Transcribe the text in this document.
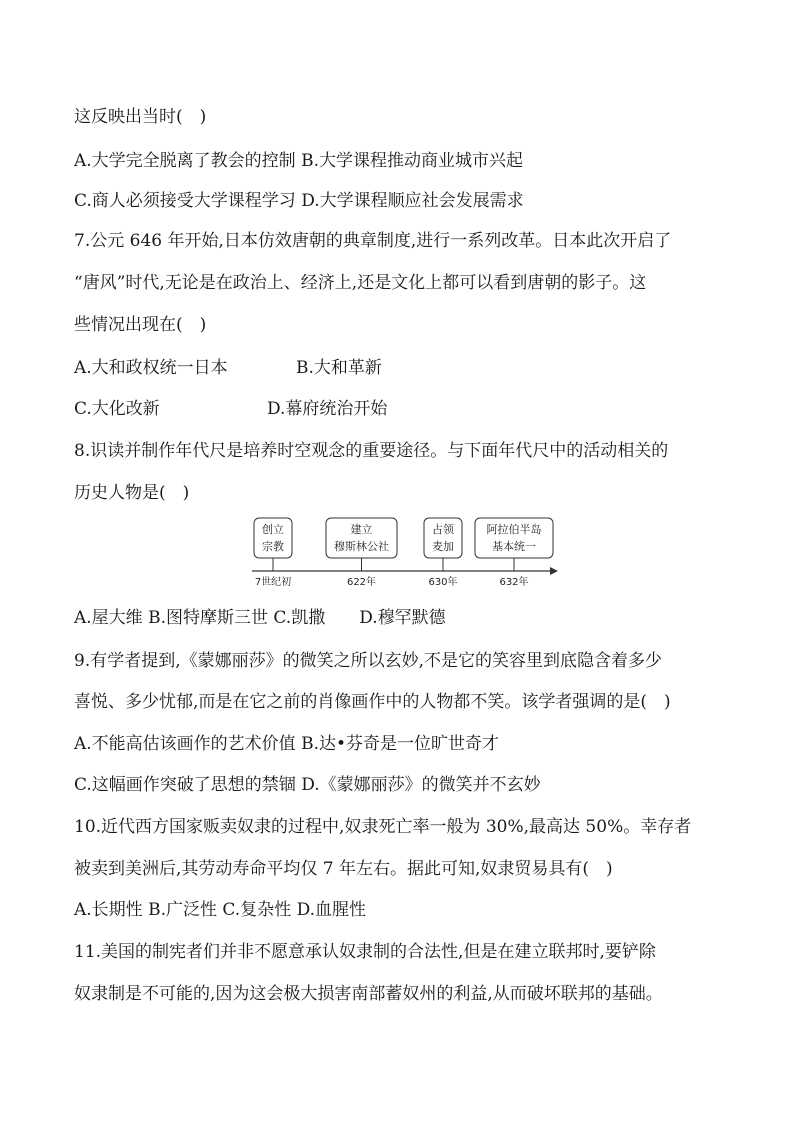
这反映出当时(　)
A.大学完全脱离了教会的控制 B.大学课程推动商业城市兴起
C.商人必须接受大学课程学习 D.大学课程顺应社会发展需求
7.公元 646 年开始,日本仿效唐朝的典章制度,进行一系列改革。日本此次开启了
“唐风”时代,无论是在政治上、经济上,还是文化上都可以看到唐朝的影子。这
些情况出现在(　)
A.大和政权统一日本	B.大和革新
C.大化改新	D.幕府统治开始
8.识读并制作年代尺是培养时空观念的重要途径。与下面年代尺中的活动相关的
历史人物是(　)
创立
宗教
建立
穆斯林公社
占领
麦加
阿拉伯半岛
基本统一
7世纪初	622年	630年	632年
A.屋大维 B.图特摩斯三世 C.凯撒　　D.穆罕默德
9.有学者提到,《蒙娜丽莎》的微笑之所以玄妙,不是它的笑容里到底隐含着多少
喜悦、多少忧郁,而是在它之前的肖像画作中的人物都不笑。该学者强调的是(　)
A.不能高估该画作的艺术价值 B.达•芬奇是一位旷世奇才
C.这幅画作突破了思想的禁锢 D.《蒙娜丽莎》的微笑并不玄妙
10.近代西方国家贩卖奴隶的过程中,奴隶死亡率一般为 30%,最高达 50%。幸存者
被卖到美洲后,其劳动寿命平均仅 7 年左右。据此可知,奴隶贸易具有(　)
A.长期性 B.广泛性 C.复杂性 D.血腥性
11.美国的制宪者们并非不愿意承认奴隶制的合法性,但是在建立联邦时,要铲除
奴隶制是不可能的,因为这会极大损害南部蓄奴州的利益,从而破坏联邦的基础。
